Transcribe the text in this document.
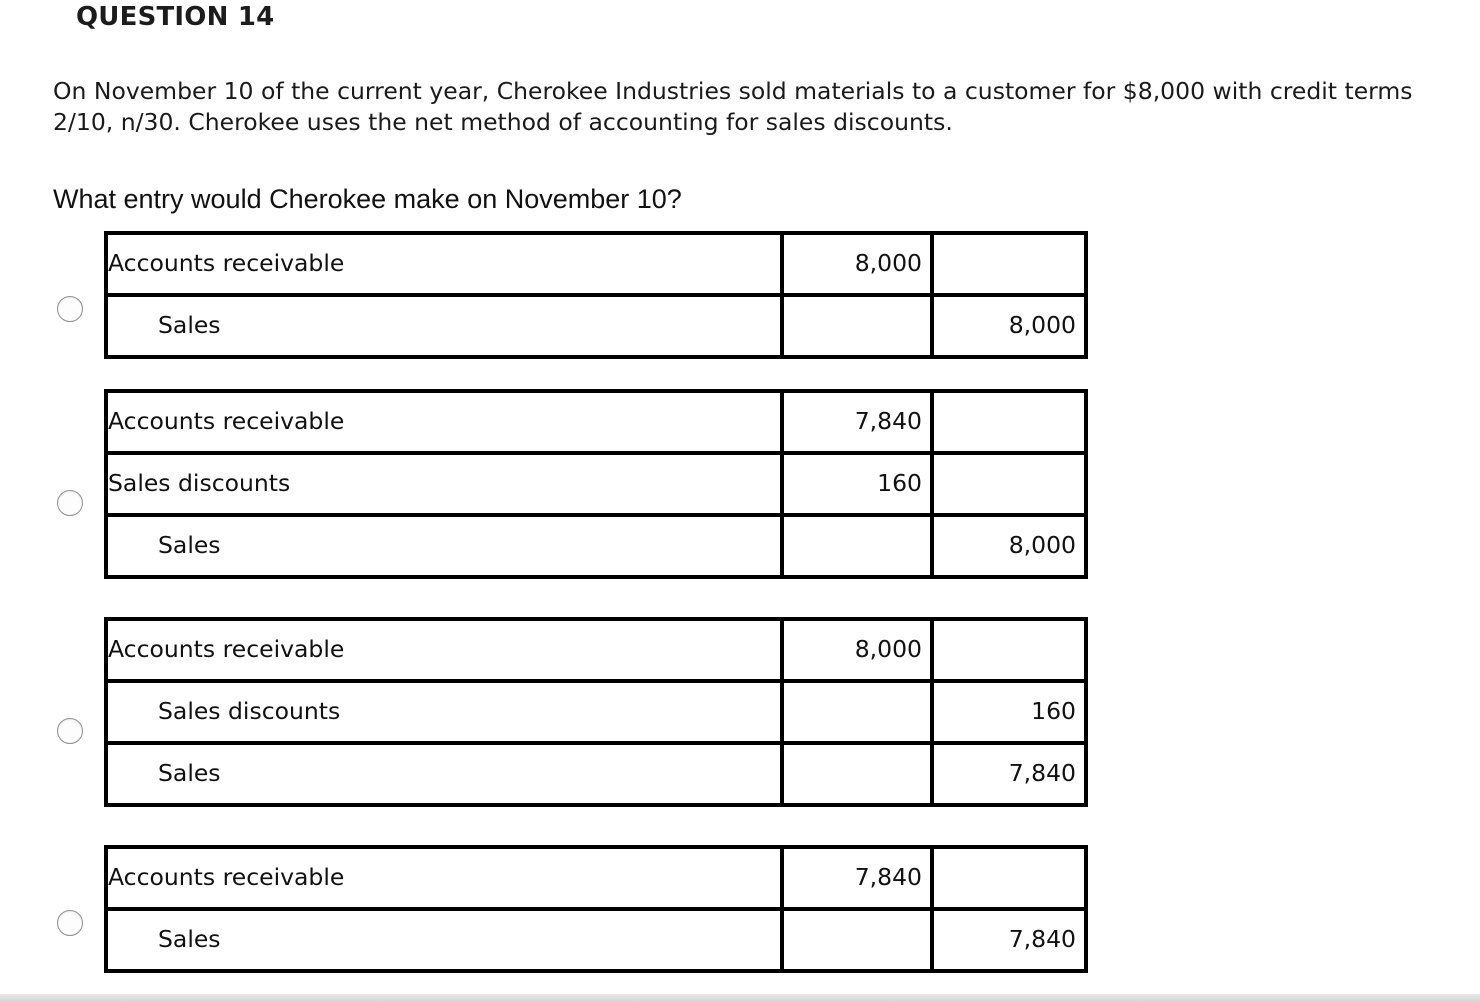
QUESTION 14
On November 10 of the current year, Cherokee Industries sold materials to a customer for $8,000 with credit terms 2/10, n/30. Cherokee uses the net method of accounting for sales discounts.
What entry would Cherokee make on November 10?
Accounts receivable	8,000	
Sales		8,000
Accounts receivable	7,840	
Sales discounts	160	
Sales		8,000
Accounts receivable	8,000	
Sales discounts		160
Sales		7,840
Accounts receivable	7,840	
Sales		7,840
